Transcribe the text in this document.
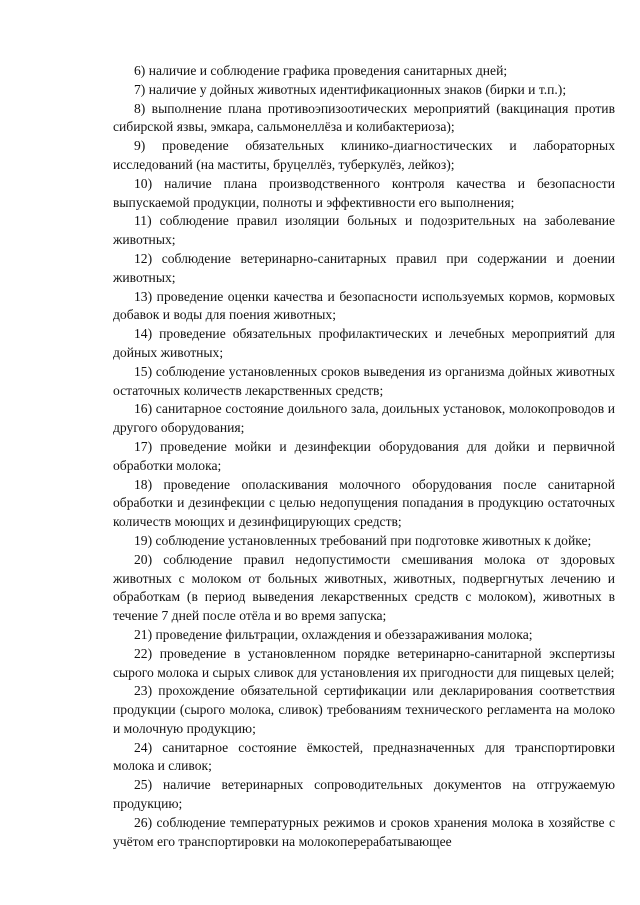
6) наличие и соблюдение графика проведения санитарных дней;

7) наличие у дойных животных идентификационных знаков (бирки и т.п.);

8) выполнение плана противоэпизоотических мероприятий (вакцинация против сибирской язвы, эмкара, сальмонеллёза и колибактериоза);

9) проведение обязательных клинико-диагностических и лабораторных исследований (на маститы, бруцеллёз, туберкулёз, лейкоз);

10) наличие плана производственного контроля качества и безопасности выпускаемой продукции, полноты и эффективности его выполнения;

11) соблюдение правил изоляции больных и подозрительных на заболевание животных;

12) соблюдение ветеринарно-санитарных правил при содержании и доении животных;

13) проведение оценки качества и безопасности используемых кормов, кормовых добавок и воды для поения животных;

14) проведение обязательных профилактических и лечебных мероприятий для дойных животных;

15) соблюдение установленных сроков выведения из организма дойных животных остаточных количеств лекарственных средств;

16) санитарное состояние доильного зала, доильных установок, молокопроводов и другого оборудования;

17) проведение мойки и дезинфекции оборудования для дойки и первичной обработки молока;

18) проведение ополаскивания молочного оборудования после санитарной обработки и дезинфекции с целью недопущения попадания в продукцию остаточных количеств моющих и дезинфицирующих средств;

19) соблюдение установленных требований при подготовке животных к дойке;

20) соблюдение правил недопустимости смешивания молока от здоровых животных с молоком от больных животных, животных, подвергнутых лечению и обработкам (в период выведения лекарственных средств с молоком), животных в течение 7 дней после отёла и во время запуска;

21) проведение фильтрации, охлаждения и обеззараживания молока;

22) проведение в установленном порядке ветеринарно-санитарной экспертизы сырого молока и сырых сливок для установления их пригодности для пищевых целей;

23) прохождение обязательной сертификации или декларирования соответствия продукции (сырого молока, сливок) требованиям технического регламента на молоко и молочную продукцию;

24) санитарное состояние ёмкостей, предназначенных для транспортировки молока и сливок;

25) наличие ветеринарных сопроводительных документов на отгружаемую продукцию;

26) соблюдение температурных режимов и сроков хранения молока в хозяйстве с учётом его транспортировки на молокоперерабатывающее
